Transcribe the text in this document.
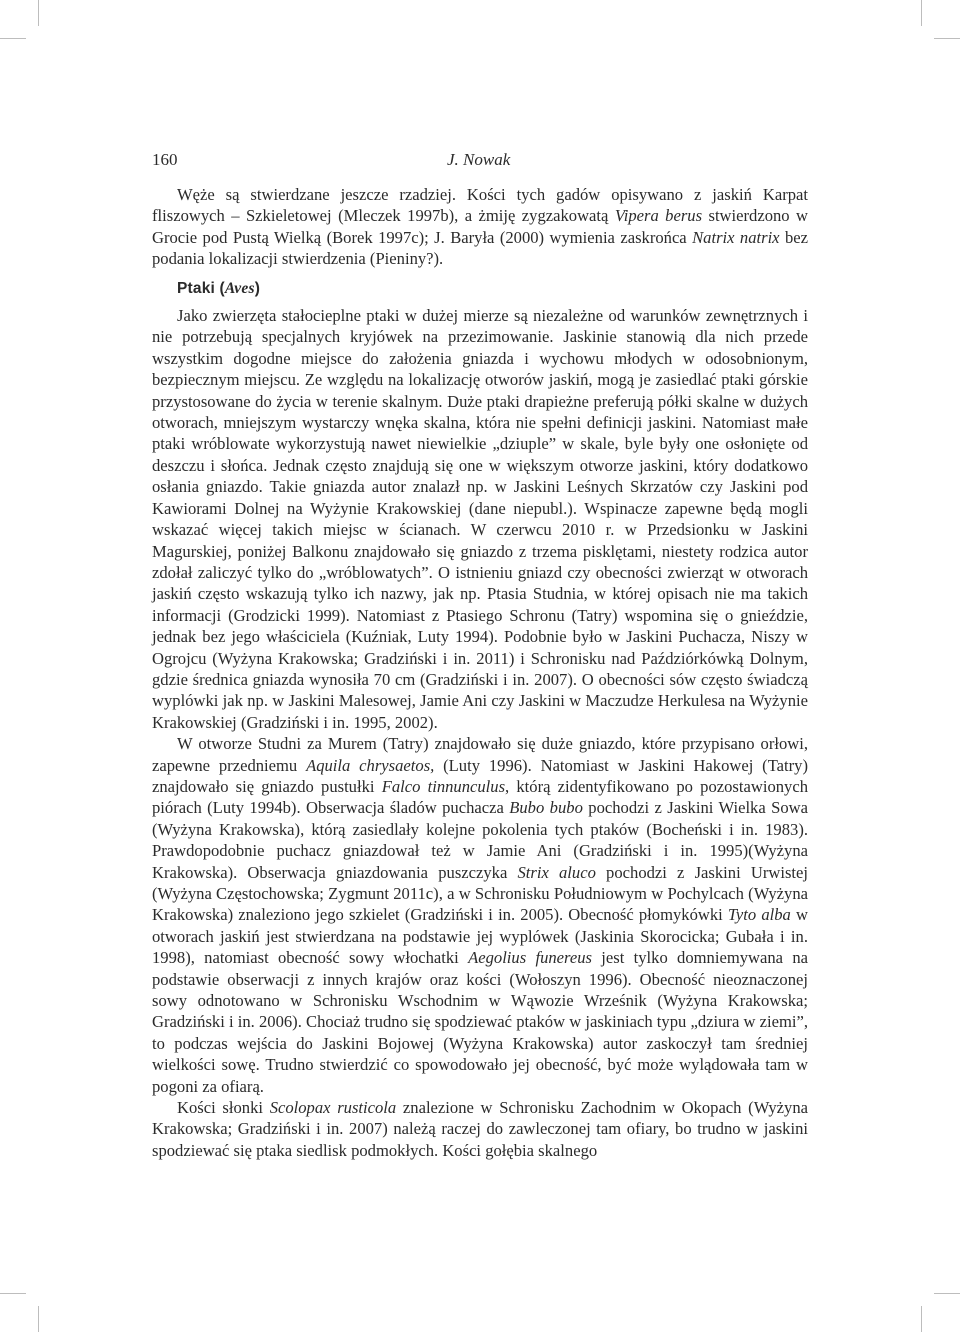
160	J. Nowak

Węże są stwierdzane jeszcze rzadziej. Kości tych gadów opisywano z jaskiń Karpat fliszowych – Szkieletowej (Mleczek 1997b), a żmiję zygzakowatą Vipera berus stwierdzono w Grocie pod Pustą Wielką (Borek 1997c); J. Baryła (2000) wymienia zaskrońca Natrix natrix bez podania lokalizacji stwierdzenia (Pieniny?).

Ptaki (Aves)

Jako zwierzęta stałocieplne ptaki w dużej mierze są niezależne od warunków zewnętrznych i nie potrzebują specjalnych kryjówek na przezimowanie. Jaskinie stanowią dla nich przede wszystkim dogodne miejsce do założenia gniazda i wychowu młodych w odosobnionym, bezpiecznym miejscu. Ze względu na lokalizację otworów jaskiń, mogą je zasiedlać ptaki górskie przystosowane do życia w terenie skalnym. Duże ptaki drapieżne preferują półki skalne w dużych otworach, mniejszym wystarczy wnęka skalna, która nie spełni definicji jaskini. Natomiast małe ptaki wróblowate wykorzystują nawet niewielkie „dziuple” w skale, byle były one osłonięte od deszczu i słońca. Jednak często znajdują się one w większym otworze jaskini, który dodatkowo osłania gniazdo. Takie gniazda autor znalazł np. w Jaskini Leśnych Skrzatów czy Jaskini pod Kawiorami Dolnej na Wyżynie Krakowskiej (dane niepubl.). Wspinacze zapewne będą mogli wskazać więcej takich miejsc w ścianach. W czerwcu 2010 r. w Przedsionku w Jaskini Magurskiej, poniżej Balkonu znajdowało się gniazdo z trzema pisklętami, niestety rodzica autor zdołał zaliczyć tylko do „wróblowatych”. O istnieniu gniazd czy obecności zwierząt w otworach jaskiń często wskazują tylko ich nazwy, jak np. Ptasia Studnia, w której opisach nie ma takich informacji (Grodzicki 1999). Natomiast z Ptasiego Schronu (Tatry) wspomina się o gnieździe, jednak bez jego właściciela (Kuźniak, Luty 1994). Podobnie było w Jaskini Puchacza, Niszy w Ogrojcu (Wyżyna Krakowska; Gradziński i in. 2011) i Schronisku nad Paździórkówką Dolnym, gdzie średnica gniazda wynosiła 70 cm (Gradziński i in. 2007). O obecności sów często świadczą wyplówki jak np. w Jaskini Malesowej, Jamie Ani czy Jaskini w Maczudze Herkulesa na Wyżynie Krakowskiej (Gradziński i in. 1995, 2002).

W otworze Studni za Murem (Tatry) znajdowało się duże gniazdo, które przypisano orłowi, zapewne przedniemu Aquila chrysaetos, (Luty 1996). Natomiast w Jaskini Hakowej (Tatry) znajdowało się gniazdo pustułki Falco tinnunculus, którą zidentyfikowano po pozostawionych piórach (Luty 1994b). Obserwacja śladów puchacza Bubo bubo pochodzi z Jaskini Wielka Sowa (Wyżyna Krakowska), którą zasiedlały kolejne pokolenia tych ptaków (Bocheński i in. 1983). Prawdopodobnie puchacz gniazdował też w Jamie Ani (Gradziński i in. 1995)(Wyżyna Krakowska). Obserwacja gniazdowania puszczyka Strix aluco pochodzi z Jaskini Urwistej (Wyżyna Częstochowska; Zygmunt 2011c), a w Schronisku Południowym w Pochylcach (Wyżyna Krakowska) znaleziono jego szkielet (Gradziński i in. 2005). Obecność płomykówki Tyto alba w otworach jaskiń jest stwierdzana na podstawie jej wyplówek (Jaskinia Skorocicka; Gubała i in. 1998), natomiast obecność sowy włochatki Aegolius funereus jest tylko domniemywana na podstawie obserwacji z innych krajów oraz kości (Wołoszyn 1996). Obecność nieoznaczonej sowy odnotowano w Schronisku Wschodnim w Wąwozie Wrześnik (Wyżyna Krakowska; Gradziński i in. 2006). Chociaż trudno się spodziewać ptaków w jaskiniach typu „dziura w ziemi”, to podczas wejścia do Jaskini Bojowej (Wyżyna Krakowska) autor zaskoczył tam średniej wielkości sowę. Trudno stwierdzić co spowodowało jej obecność, być może wylądowała tam w pogoni za ofiarą.

Kości słonki Scolopax rusticola znalezione w Schronisku Zachodnim w Okopach (Wyżyna Krakowska; Gradziński i in. 2007) należą raczej do zawleczonej tam ofiary, bo trudno w jaskini spodziewać się ptaka siedlisk podmokłych. Kości gołębia skalnego
